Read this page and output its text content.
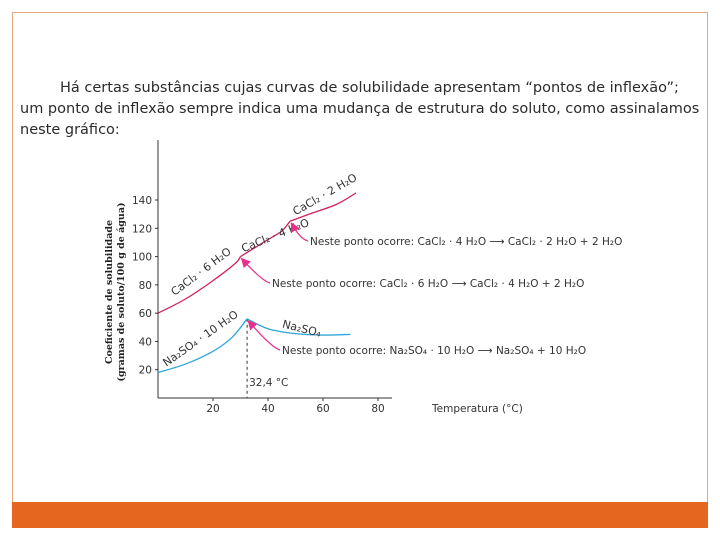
Há certas substâncias cujas curvas de solubilidade apresentam “pontos de inflexão”; um ponto de inflexão sempre indica uma mudança de estrutura do soluto, como assinalamos neste gráfico:

32,4 °C
20
40
60
80
100
120
140
20	40	60	80
CaCl₂ · 6 H₂O
CaCl₂ · 4 H₂O
CaCl₂ · 2 H₂O
Na₂SO₄ · 10 H₂O	Na₂SO₄
Neste ponto ocorre: CaCl₂ · 4 H₂O ⟶ CaCl₂ · 2 H₂O + 2 H₂O
Neste ponto ocorre: CaCl₂ · 6 H₂O ⟶ CaCl₂ · 4 H₂O + 2 H₂O
Neste ponto ocorre: Na₂SO₄ · 10 H₂O ⟶ Na₂SO₄ + 10 H₂O
Temperatura (°C)
Coeficiente de solubilidade (gramas de soluto/100 g de água)
